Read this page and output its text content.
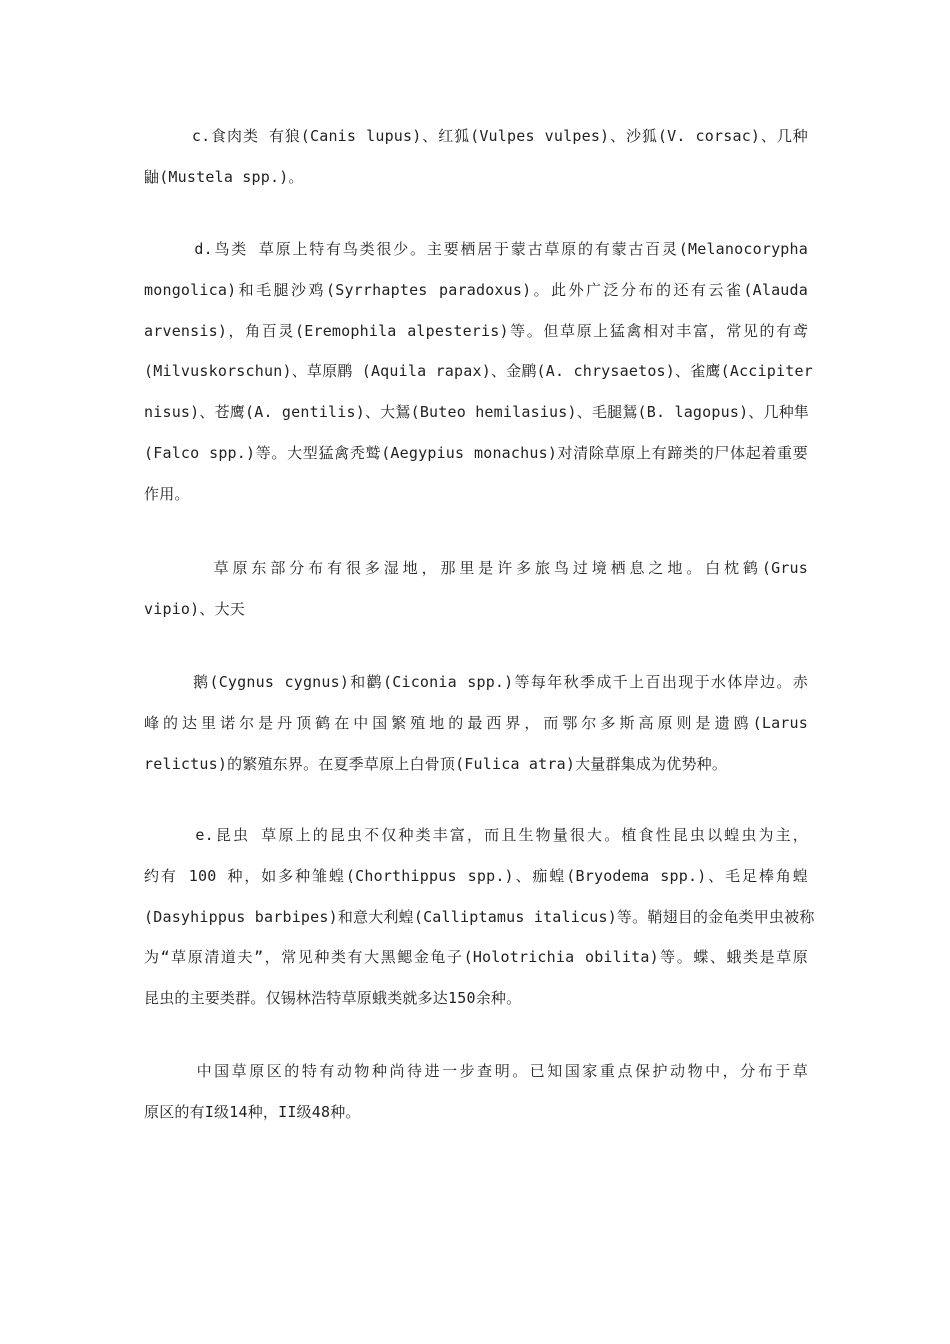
　　　c.食肉类 有狼(Canis lupus)、红狐(Vulpes vulpes)、沙狐(V. corsac)、几种
鼬(Mustela spp.)。

　　　d.鸟类 草原上特有鸟类很少。主要栖居于蒙古草原的有蒙古百灵(Melanocorypha
mongolica)和毛腿沙鸡(Syrrhaptes paradoxus)。此外广泛分布的还有云雀(Alauda
arvensis)，角百灵(Eremophila alpesteris)等。但草原上猛禽相对丰富，常见的有鸢
(Milvuskorschun)、草原鹛 (Aquila rapax)、金鹛(A. chrysaetos)、雀鹰(Accipiter
nisus)、苍鹰(A. gentilis)、大鵟(Buteo hemilasius)、毛腿鵟(B. lagopus)、几种隼
(Falco spp.)等。大型猛禽秃鹫(Aegypius monachus)对清除草原上有蹄类的尸体起着重要
作用。

　　　 草原东部分布有很多湿地，那里是许多旅鸟过境栖息之地。白枕鹤(Grus
vipio)、大天

　　　鹅(Cygnus cygnus)和鹳(Ciconia spp.)等每年秋季成千上百出现于水体岸边。赤
峰的达里诺尔是丹顶鹤在中国繁殖地的最西界，而鄂尔多斯高原则是遗鸥(Larus
relictus)的繁殖东界。在夏季草原上白骨顶(Fulica atra)大量群集成为优势种。

　　　e.昆虫 草原上的昆虫不仅种类丰富，而且生物量很大。植食性昆虫以蝗虫为主，
约有 100 种，如多种雏蝗(Chorthippus spp.)、痂蝗(Bryodema spp.)、毛足棒角蝗
(Dasyhippus barbipes)和意大利蝗(Calliptamus italicus)等。鞘翅目的金龟类甲虫被称
为“草原清道夫”，常见种类有大黑鳃金龟子(Holotrichia obilita)等。蝶、蛾类是草原
昆虫的主要类群。仅锡林浩特草原蛾类就多达150余种。

　　　中国草原区的特有动物种尚待进一步查明。已知国家重点保护动物中，分布于草
原区的有I级14种，II级48种。
